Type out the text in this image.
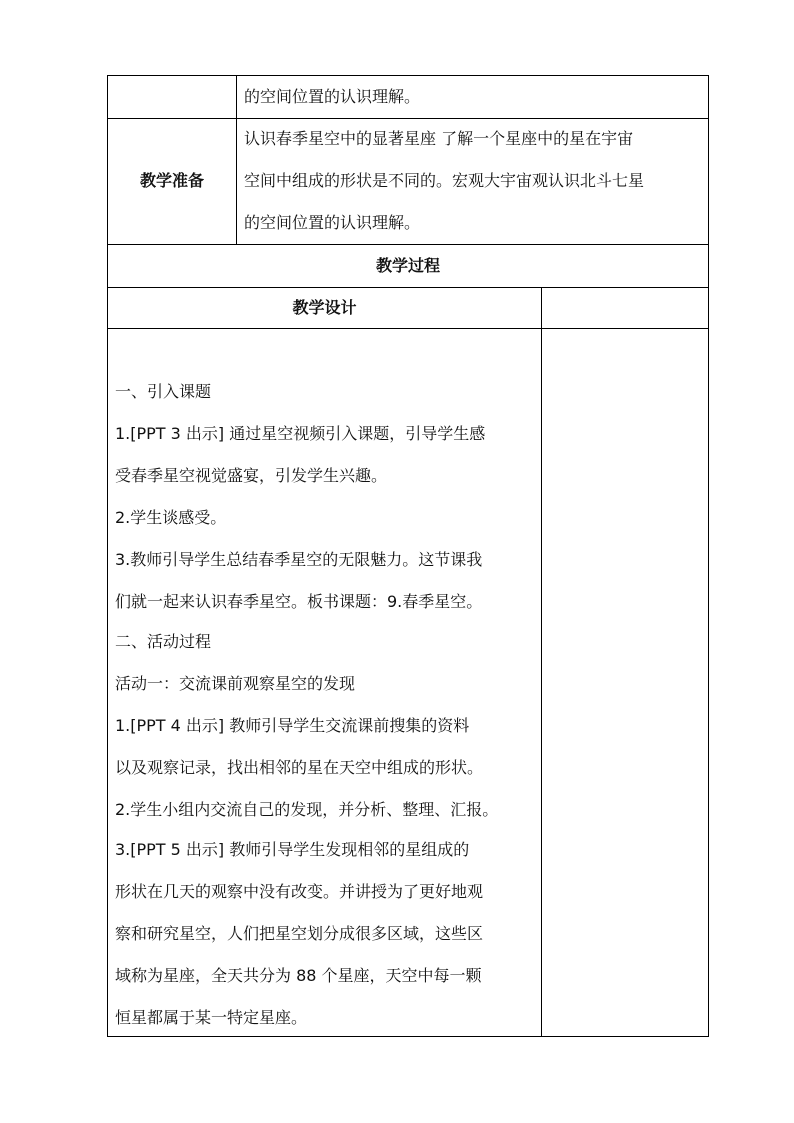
的空间位置的认识理解。
教学准备
认识春季星空中的显著星座 了解一个星座中的星在宇宙
空间中组成的形状是不同的。宏观大宇宙观认识北斗七星
的空间位置的认识理解。
教学过程
教学设计
一、引入课题
1.[PPT 3 出示] 通过星空视频引入课题，引导学生感
受春季星空视觉盛宴，引发学生兴趣。
2.学生谈感受。
3.教师引导学生总结春季星空的无限魅力。这节课我
们就一起来认识春季星空。板书课题：9.春季星空。
二、活动过程
活动一：交流课前观察星空的发现
1.[PPT 4 出示] 教师引导学生交流课前搜集的资料
以及观察记录，找出相邻的星在天空中组成的形状。
2.学生小组内交流自己的发现，并分析、整理、汇报。
3.[PPT 5 出示] 教师引导学生发现相邻的星组成的
形状在几天的观察中没有改变。并讲授为了更好地观
察和研究星空，人们把星空划分成很多区域，这些区
域称为星座，全天共分为 88 个星座，天空中每一颗
恒星都属于某一特定星座。
